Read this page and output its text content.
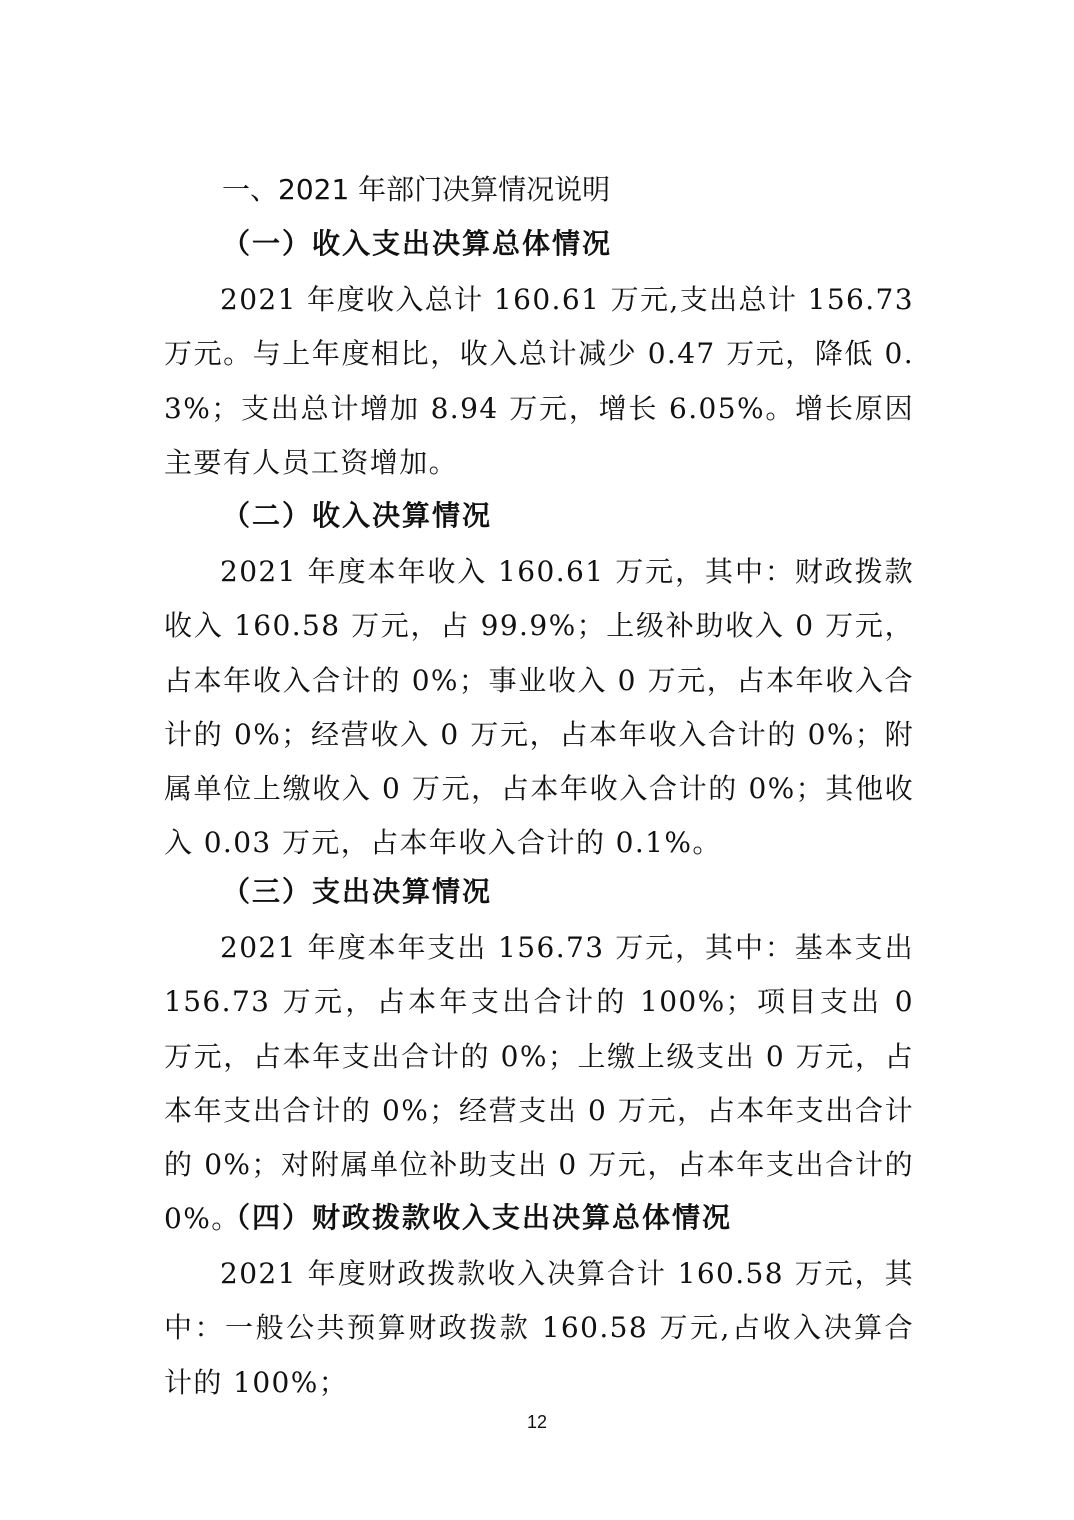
一、2021 年部门决算情况说明
（一）收入支出决算总体情况

2021 年度收入总计 160.61 万元,支出总计 156.73 万元。与上年度相比，收入总计减少 0.47 万元，降低 0.3%；支出总计增加 8.94 万元，增长 6.05%。增长原因主要有人员工资增加。

（二）收入决算情况

2021 年度本年收入 160.61 万元，其中：财政拨款收入 160.58 万元，占 99.9%；上级补助收入 0 万元，占本年收入合计的 0%；事业收入 0 万元，占本年收入合计的 0%；经营收入 0 万元，占本年收入合计的 0%；附属单位上缴收入 0 万元，占本年收入合计的 0%；其他收入 0.03 万元，占本年收入合计的 0.1%。

（三）支出决算情况

2021 年度本年支出 156.73 万元，其中：基本支出 156.73 万元，占本年支出合计的 100%；项目支出 0 万元，占本年支出合计的 0%；上缴上级支出 0 万元，占本年支出合计的 0%；经营支出 0 万元，占本年支出合计的 0%；对附属单位补助支出 0 万元，占本年支出合计的 0%。

（四）财政拨款收入支出决算总体情况

2021 年度财政拨款收入决算合计 160.58 万元，其中：一般公共预算财政拨款 160.58 万元,占收入决算合计的 100%；

12
